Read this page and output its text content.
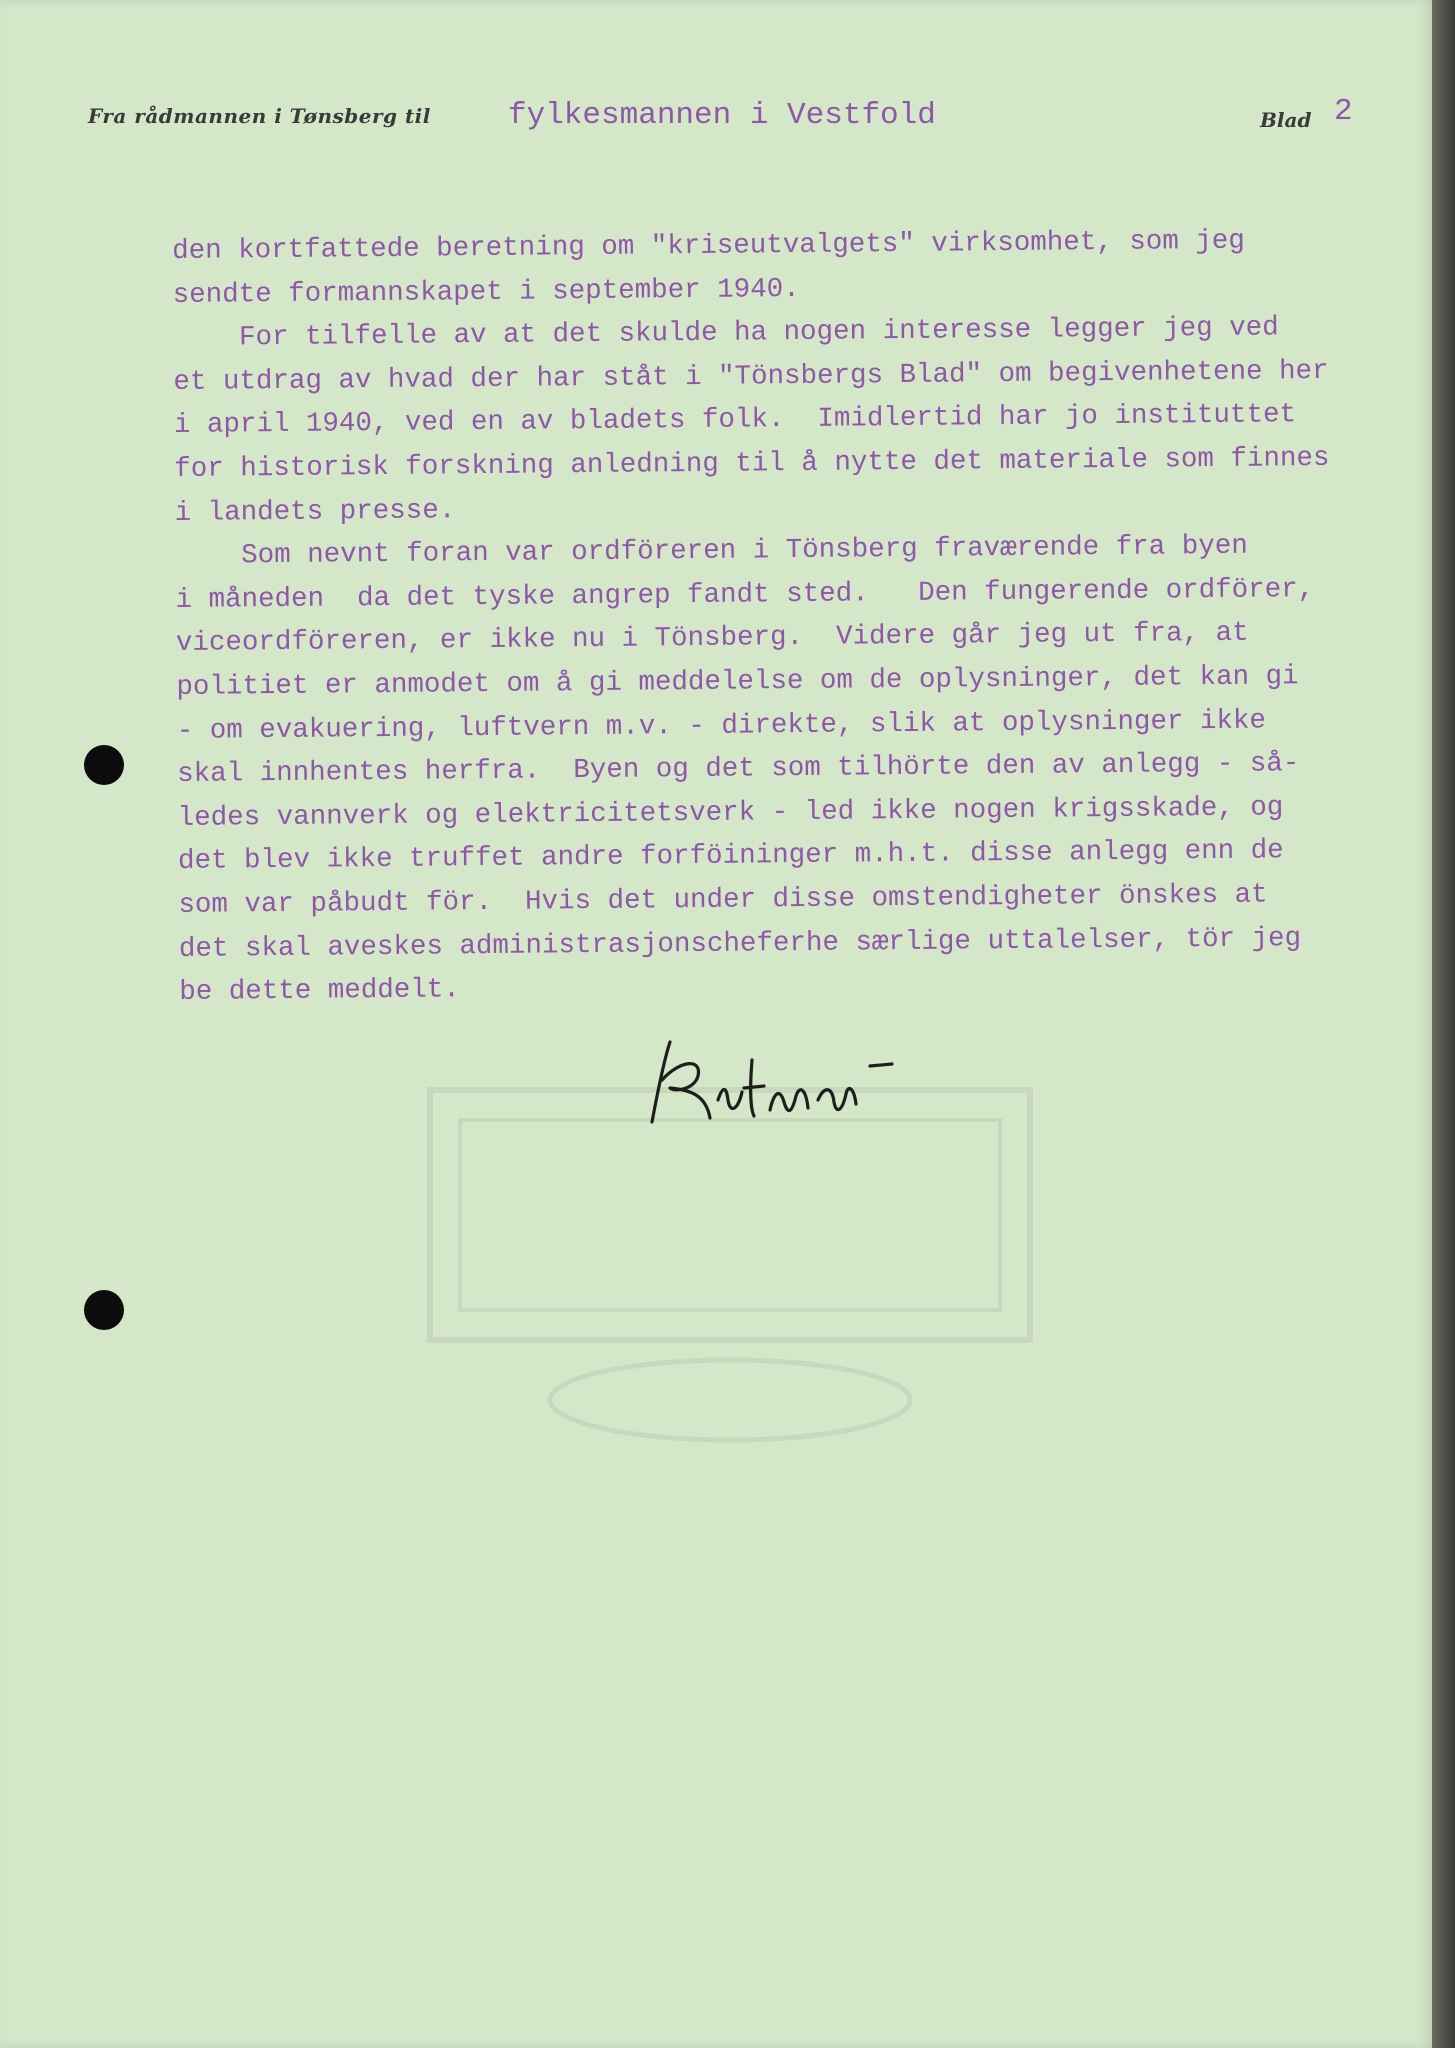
Fra rådmannen i Tønsberg til fylkesmannen i Vestfold	Blad 2
den kortfattede beretning om "kriseutvalgets" virksomhet, som jeg
sendte formannskapet i september 1940.
For tilfelle av at det skulde ha nogen interesse legger jeg ved
et utdrag av hvad der har ståt i "Tönsbergs Blad" om begivenhetene her
i april 1940, ved en av bladets folk.  Imidlertid har jo instituttet
for historisk forskning anledning til å nytte det materiale som finnes
i landets presse.
Som nevnt foran var ordföreren i Tönsberg fraværende fra byen
i måneden  da det tyske angrep fandt sted.   Den fungerende ordförer,
viceordföreren, er ikke nu i Tönsberg.  Videre går jeg ut fra, at
politiet er anmodet om å gi meddelelse om de oplysninger, det kan gi
- om evakuering, luftvern m.v. - direkte, slik at oplysninger ikke
skal innhentes herfra.  Byen og det som tilhörte den av anlegg - så-
ledes vannverk og elektricitetsverk - led ikke nogen krigsskade, og
det blev ikke truffet andre forföininger m.h.t. disse anlegg enn de
som var påbudt för.  Hvis det under disse omstendigheter önskes at
det skal aveskes administrasjonscheferhe særlige uttalelser, tör jeg
be dette meddelt.
